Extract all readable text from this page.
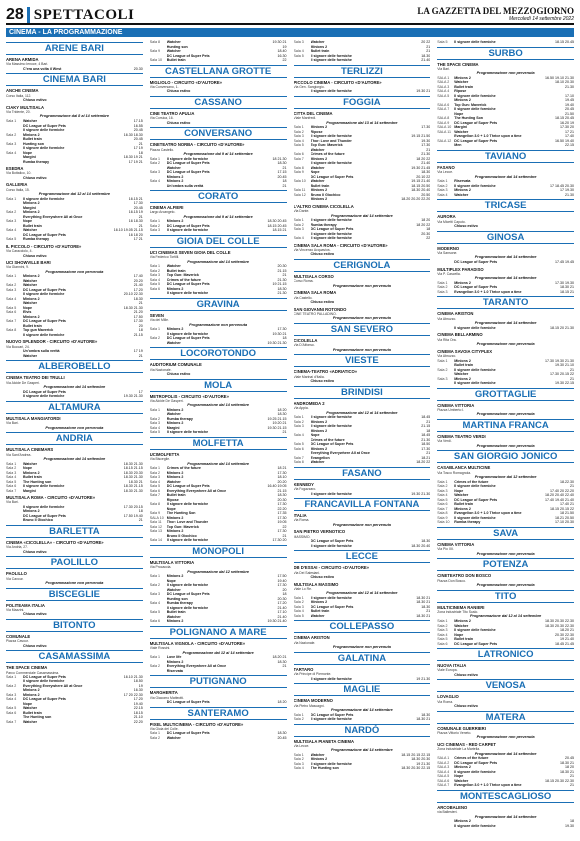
28 SPETTACOLI	LA GAZZETTA DEL MEZZOGIORNO
Mercoledì 14 settembre 2022
CINEMA - LA PROGRAMMAZIONE
ARENE BARI
ARENA ARMIDA
Via Massimo Ienoce, 4 Bari.
C’era una volta il West	20.30
CINEMA BARI
ANCHE CINEMA
Corso Italia, 112.
Chiuso estivo
CIAKY MULTISALA
Via Tridente, 20.
Programmazione dal 8 al 14 settembre
Sala 1	Watcher	17.15
DC League of Super Pets	16.55
Il signore delle formiche	20.45
Sala 2	Minions 2	16.30 18.30
Bullet train	20.45
Sala 3	Hunting son	21
Il signore delle formiche	17 19
Sala 4	Nope	18
Margini	18.30 19 21
Rumba therapy	17 19 21
ESEDRA
Via Bottalico, 10.
Chiuso estivo
GALLERIA
Corso Italia, 15.
Programmazione dal 12 al 14 settembre
Sala 1	Il signore delle formiche	16.15 21
Minions 2	17.30
Margini	20.45
Sala 2	Minions 2	16.15 19
Everything Everywhere All at Once	21
Sala 3	Nope	16 18.30
Bullet train	21
Sala 4	Watcher	16.10 19.05 21.15
DC League of Super Pets	16 18 20
Sala 5	Rumba therapy	17 21
IL PICCOLO - CIRCUITO «D’AUTORE»
Via Caracciolo, 4.
Chiuso estivo
UCI SHOWVILLE BARI
Via Giannini, 9.
Programmazione non pervenuta
Sala 1	Minions 2	17.40
Watcher	20.20
Sala 2	Watcher	21.40
Sala 3	DC League of Super Pets	17.20
Il signore delle formiche	20.10 22.30
Sala 4	Minions 2	18.30
Watcher	21
Sala 5	Nope	18.30 21.30
Sala 6	Elvis	21.20
Minions 2	17.50
Sala 7	DC League of Super Pets	17.30
Bullet train	20
Sala 8	Top gun Maverick	18
Il signore delle formiche	21.15
NUOVO SPLENDOR - CIRCUITO «D’AUTORE»
Via Buccari, 24.
Un’ombra sulla verità	17 19
Watcher	21
ALBEROBELLO
CINEMA TEATRO DEI TRULLI
Via Alcide De Gasperi.
Programmazione dal 14 settembre
DC League of Super Pets	17
Il signore delle formiche	19.30 21.30
ALTAMURA
MULTISALA MANGIATORDI
Via Bari.
Programmazione non pervenuta
ANDRIA
MULTISALA CINEMARS
Via Sant’Andrea.
Programmazione dal 14 settembre
Sala 1	Watcher	18.30 21.30
Sala 2	Nope	18.15 21.15
Sala 3	Minions 2	18.30 20.30
Sala 4	Bullet train	18.30 21.30
Sala 5	The Hunting son	18.30 21
Sala 6	Il signore delle formiche	18.30 21.15
Sala 7	Margini	18.30 21.30
MULTISALA ROMA - CIRCUITO «D’AUTORE»
Via Bari.
Il signore delle formiche	17.30 20.15
Minions 2	18
DC League of Super Pets	17.50 19.40
Bruno Il Giochico	21
BARLETTA
CINEMA «CICOLELLA» - CIRCUITO «D’AUTORE»
Via Andria, 27.
Chiuso estivo
PAOLILLO
PAOLILLO
Via Cavour.
Programmazione non pervenuta
BISCEGLIE
POLITEAMA ITALIA
Via Mazzini.
Chiuso estivo
BITONTO
COMUNALE
Piazza Cavour.
Chiuso estivo
CASAMASSIMA
THE SPACE CINEMA
Parco Commerciale Casamassima.
Sala 1	DC League of Super Pets	16.10 21.30
Il signore delle formiche	18.50
Sala 2	Everything Everywhere All at Once	19
Minions 2	16.30
Sala 3	Minions 2	17 20 22.30
Sala 4	DC League of Super Pets	17.20
Nope	19.40
Sala 5	Watcher	22.15
Sala 6	Bullet train	18.15
The Hunting son	21.10
Sala 7	Watcher	22.20
Sala 8	Watcher	19.30 21
Hunting son	19
Sala 9	Watcher	18.40
DC League of Super Pets	16.30
Sala 10	Bullet train	22
CASTELLANA GROTTE
MIGLIOLO - CIRCUITO «D’AUTORE»
Via Conversano, 1.
Chiuso estivo
CASSANO
CINE TEATRO APULIA
Via Corsica, 16.
Chiuso estivo
CONVERSANO
CINETEATRO NORBA - CIRCUITO «D’AUTORE»
Piazza Castello.
Programmazione dal 9 al 14 settembre
Sala 1	Il signore delle formiche	18 21.30
Sala 2	DC League of Super Pets	18.30
Watcher	21
Sala 3	DC League of Super Pets	17.15
Minions 2	20.45
Sala 4	Minions 2	18
Un’ombra sulla verità	21
CORATO
CINEMA ALFIERI
Largo Arcangelo.
Programmazione dal 9 al 14 settembre
Sala 1	Minions 2	18.30 20.45
Sala 2	DC League of Super Pets	18.15 20.45
Sala 3	Il signore delle formiche	18.15 21
GIOIA DEL COLLE
UCI CINEMAS SEVEN GIOIA DEL COLLE
Via Federico Tortilli.
Programmazione dal 14 settembre
Sala 1	Watcher	20.30
Sala 2	Bullet train	21.15
Sala 3	Top Gun: Maverick	21
Sala 4	Crimes of the future	21.30
Sala 5	DC League of Super Pets	19 21.15
Sala 6	Minions 2	18.30
Il signore delle formiche	21.30
GRAVINA
SEVEN
Via dei Mille.
Programmazione non pervenuta
Sala 1	Minions 2	17.30
Il signore delle formiche	19.30 21
Sala 2	DC League of Super Pets	18
Watcher	19.30 21.30
LOCOROTONDO
AUDITORIUM COMUNALE
Via Nazionale.
Chiuso estivo
MOLA
METROPOLIS - CIRCUITO «D’AUTORE»
Via Alcide De Gasperi.
Programmazione dal 14 settembre
Sala 1	Minions 2	18 20
Watcher	18.30
Sala 2	Rumba therapy	19.25 21.15
Sala 3	Minions 2	19.20 21
Sala 4	Margini	19.30 21.15
Sala 5	Il signore delle formiche	21
MOLFETTA
UCIMOLFETTA
Via Bisceglie.
Programmazione dal 14 settembre
Sala 1	Crimes of the future	18 21
Sala 2	Minions 2	17.30
Sala 3	Minions 2	18.10
Sala 4	Watcher	20.20
Sala 5	DC League of Super Pets	16.40 19.05
Sala 6	Everything Everywhere All at Once	21.15
Sala 7	Bullet train	18.30
Ripose	20.30
Sala 8	Il signore delle formiche	17.30
Nope	22.20
Sala 9	The Hunting Son	17.35
SALA 10 Minions 2	17.30
Sala 11	Thor: Love and Thunder	19.05
Sala 12	Top Gun: Maverick	22
Sala 13	Minions 2	17.30
Bruno Il Giochico	21
Sala 14	Il signore delle formiche	17.30 20
MONOPOLI
MULTISALA VITTORIA
Via Procaccia.
Programmazione dal 12 settembre
Sala 1	Minions 2	17.50
Nope	19.40
Sala 2	Il signore delle formiche	17.30
Watcher	20
Sala 3	DC League of Super Pets	18
Hunting son	20.30
Sala 4	Rumba therapy	17.20
Il signore delle formiche	21.40
Sala 5	Bullet train	17.10
Watcher	21.40
Sala 6	Minions 2	19.30 21.40
POLIGNANO A MARE
MULTISALA VIGNOLA - CIRCUITO «D’AUTORE»
Viale Rossini.
Programmazione dal 12 al 14 settembre
Sala 1	Love life	18.20 21
Minions 2	18.30
Sala 2	Everything Everywhere All at Once	21
Riservata
PUTIGNANO
MARGHERITA
Via Giacomo Matteotti.
DC League of Super Pets	18 20
SANTERAMO
PIXEL MULTICINEMA - CIRCUITO «D’AUTORE»
Via Gioia del Colle.
Sala 1	DC League of Super Pets	18.30
Sala 2	Watcher	20.45
Sala 3	Watcher	20 22
Minions 2	21
Sala 4	Bullet train	21
Sala 5	Il signore delle formiche	18.30
Il signore delle formiche	21.40
TERLIZZI
PICCOLO CINEMA - CIRCUITO «D’AUTORE»
Via Gen. Sangiorgio.
Il signore delle formiche	19.30 21
FOGGIA
CITTA DEL CINEMA
Viale Manfredi.
Programmazione dal 13 al 14 settembre
Sala 1	Minions 2	17.30
Sala 2	Ripose
Sala 3	Il signore delle formiche	19.15 21.50
Sala 4	Thor: Love and Thunder	19.30
Sala 5	Top Gun: Maverick	17.30
Watcher	21
Sala 6	Crimes of the future	21.30
Sala 7	Minions 2	18 20 22
Il signore delle formiche	21.40
Sala 8	Watcher	19.30 21.45
Sala 9	Nope	18.30
DC League of Super Pets	20.10 22
Sala 10	Watcher	19.15 21.40
Bullet train	18.15 20.50
Sala 11	Minions 2	18.30 20.40
Sala 12	Bruno Il Giochico	20.50
Minions 2	18.20 20.20 22.20
L’ALTRO CINEMA CICOLELLA
Via Dante.
Programmazione dal 14 settembre
Sala 1	Il signore delle formiche	18 20
Sala 2	Rumba therapy	18 20 22
Sala 3	DC League of Super Pets	18
Il signore delle formiche	20.30
Sala 4	Il signore delle formiche	22
CINEMA SALA ROMA - CIRCUITO «D’AUTORE»
Via Vincenzo Acquaviva.
Chiuso estivo
CERIGNOLA
MULTISALA CORSO
Corso Roma.
Programmazione non pervenuta
CINEMA SALA ROMA
Via Castello.
Chiuso estivo
SAN GIOVANNI ROTONDO
CINE TEATRO PALLADINO.
Programmazione non pervenuta
SAN SEVERO
CICOLELLA
Via D’Alfonso.
Programmazione non pervenuta
VIESTE
CINEMA-TEATRO «ADRIATICO»
Viale Marinai d’Italia.
Chiuso estivo
BRINDISI
ANDROMEDA 2
Via Appia.
Programmazione dal 12 al 14 settembre
Sala 1	Il signore delle formiche	18.45
Sala 2	Minions 2	21
Sala 3	Il signore delle formiche	21.15
Minions 2	18
Sala 4	Nope	18.45
Crimes of the future	21.30
Sala 5	DC League of Super Pets	18.50
Sala 6	Minions 2	17.30
Everything Everywhere All at Once	21
Sala 7	Evangelion	18.21
Sala 8	Watcher	18.20 22
FASANO
KENNEDY
Via Fogazzaro.
Il signore delle formiche	19.30 21.30
FRANCAVILLA FONTANA
ITALIA
Via Roma.
Programmazione non pervenuta
SAN PIETRO VERNOTICO
MASSIMO.
DC League of Super Pets	18.30
Il signore delle formiche	18.30 20.40
LECCE
DB D’ESSAI - CIRCUITO «D’AUTORE»
Via Dei Salesiani.
Chiuso estivo
MULTISALA MASSIMO
Viale Lo Re.
Programmazione dal 12 al 14 settembre
Sala 1	Il signore delle formiche	18.30 21
Sala 2	Minions 2	18.30 21
Sala 3	DC League of Super Pets	18.30
Sala 4	Bullet train	21
Sala 5	Watcher	18.30 21
COLLEPASSO
CINEMA ARISTON
Via Nazionale.
Programmazione non pervenuta
GALATINA
TARTARO
Via Principe di Piemonte.
Il signore delle formiche	19 21.30
MAGLIE
CINEMA MODERNO
Via Pietro Mascagni.
Programmazione dal 14 settembre
Sala 1	DC League of Super Pets	18.30
Sala 2	Il signore delle formiche	18.30 21
NARDÒ
MULTISALA PIANETA CINEMA
Via Lecce.
Programmazione dal 14 settembre
Sala 1	Watcher	18.15 20.15 22.15
Sala 2	Minions 2	18.30 20.30
Sala 3	Il signore delle formiche	19 21.30
Sala 4	The Hunting son	18.30 20.30 22.15
Sala 5	Il signore delle formiche	18.15 20.45
SURBO
THE SPACE CINEMA
Via Bari.
Programmazione non pervenuta
SALA 1	Minions 2	16.50 19.10 21.30
SALA 2	Watcher	18.10 20.30
SALA 3	Bullet train	21.30
SALA 4	Ripose
SALA 5	Il signore delle formiche	17.10
Minions 2	19.45
SALA 6	Top Gun: Maverick	19.40
SALA 7	Il signore delle formiche	20.45
Nope	21.50
SALA 8	The Hunting Son	18.15 20.45
SALA 9	DC League of Super Pets	16.20 19
SALA 10 Margini	17.30 20
SALA 11 Watcher	17 21
Evangelion 3.0 + 1.0 Thrice upon a time	17.40
SALA 12 DC League of Super Pets	16.50 19.40
Men	22.15
TAVIANO
FASANO
Via Lecce.
Programmazione dal 14 settembre
Sala 1	Riservata
Sala 2	Il signore delle formiche	17 18.45 20.30
Sala 3	Minions 2	17 19.30
Sala 4	Watcher	21.30
TRICASE
AURORA
Via Micetti Caputo.
Chiuso estivo
GINOSA
MODERNO
Via Sansone.
Programmazione dal 14 settembre
DC League of Super Pets	17.45 19.45
MULTIPLEX PARADISO
Via P. Cascella.
Programmazione dal 14 settembre
Sala 1	Minions 2	17.30 19.30
Sala 2	DC League of Super Pets	18.30 21
Sala 3	Evangelion 3.0 + 1.0 Thrice upon a time	18.15 21
TARANTO
CINEMA ARISTON
Via Abruzzo.
Programmazione dal 14 settembre
Il signore delle formiche	18.15 20 21.30
CINEMA BELLARMINO
Via Rita Ora.
Programmazione non pervenuta
CINEMA SAVOIA CITYPLEX
Via Abruzzo.
Sala 1	Minions 2	17.30 19.30 21.30
Bullet train	19.30 21.10
Sala 2	Il signore delle formiche	21
Watcher	17.30 20.15 22
Sala 3	Minions 2	21
Il signore delle formiche	19.30 22.15
GROTTAGLIE
CINEMA VITTORIA
Piazza Umberto I.
Programmazione non pervenuta
MARTINA FRANCA
CINEMA TEATRO VERDI
Via Verdi.
Programmazione non pervenuta
SAN GIORGIO JONICO
CASABLANCA MULTICINE
Via Tosco Romagnola.
Programmazione dal 12 settembre
Sala 1	Crimes of the future	18.22.30
Sala 2	Il signore delle formiche	21
Sala 3	Nope	17.40 20 22.20
Sala 4	Watcher	18.20 20.40 22.40
Sala 5	DC League of Super Pets	17.40 19.40 21.40
Sala 6	Bullet train	17.40 21
Sala 7	Minions 2	18.15 20.15 22
Sala 8	Evangelion 3.0 + 1.0 Thrice upon a time	18 21.50
Sala 9	Il signore delle formiche	18.21 20.50
Sala 10	Rumba therapy	17.10 20.30
SAVA
CINEMA VITTORIA
Via Pio XII.
Programmazione non pervenuta
POTENZA
CINETEATRO DON BOSCO
Piazza Don Bosco.
Programmazione non pervenuta
TITO
MULTICINEMA RANIERI
Zona industriale Tito Scalo.
Programmazione dal 12 al 14 settembre
Sala 1	Minions 2	18.30 20.30 22.30
Sala 2	Watcher	18.30 20.30 22.30
Sala 3	Il signore delle formiche	18.20 21
Sala 4	Nope	20.30 22.30
Sala 5	Bullet train	19 21.40
Sala 6	DC League of Super Pets	18.45 21.45
LATRONICO
NUOVA ITALIA
Viale Europa.
Chiuso estivo
VENOSA
LOVAGLIO
Via Roma.
Chiuso estivo
MATERA
COMUNALE GUERRIERI
Piazza Vittorio Veneto.
Programmazione non pervenuta
UCI CINEMAS - RED CARPET
Zona industriale La Martella.
Programmazione dal 14 settembre
SALA 1	Crimes of the future	20.45
SALA 2	DC League of Super Pets	18.30 21
SALA 3	Minions 2	18 20
SALA 4	Il signore delle formiche	18.30 21
SALA 5	Nope	21
SALA 6	Watcher	18.15 20.30 22.30
SALA 7	Evangelion 3.0 + 1.0 Thrice upon a time	21
MONTESCAGLIOSO
ARCOBALENO
via Ballesteri.
Programmazione dal 14 settembre
Minions 2	18
Il signore delle formiche	19.30
